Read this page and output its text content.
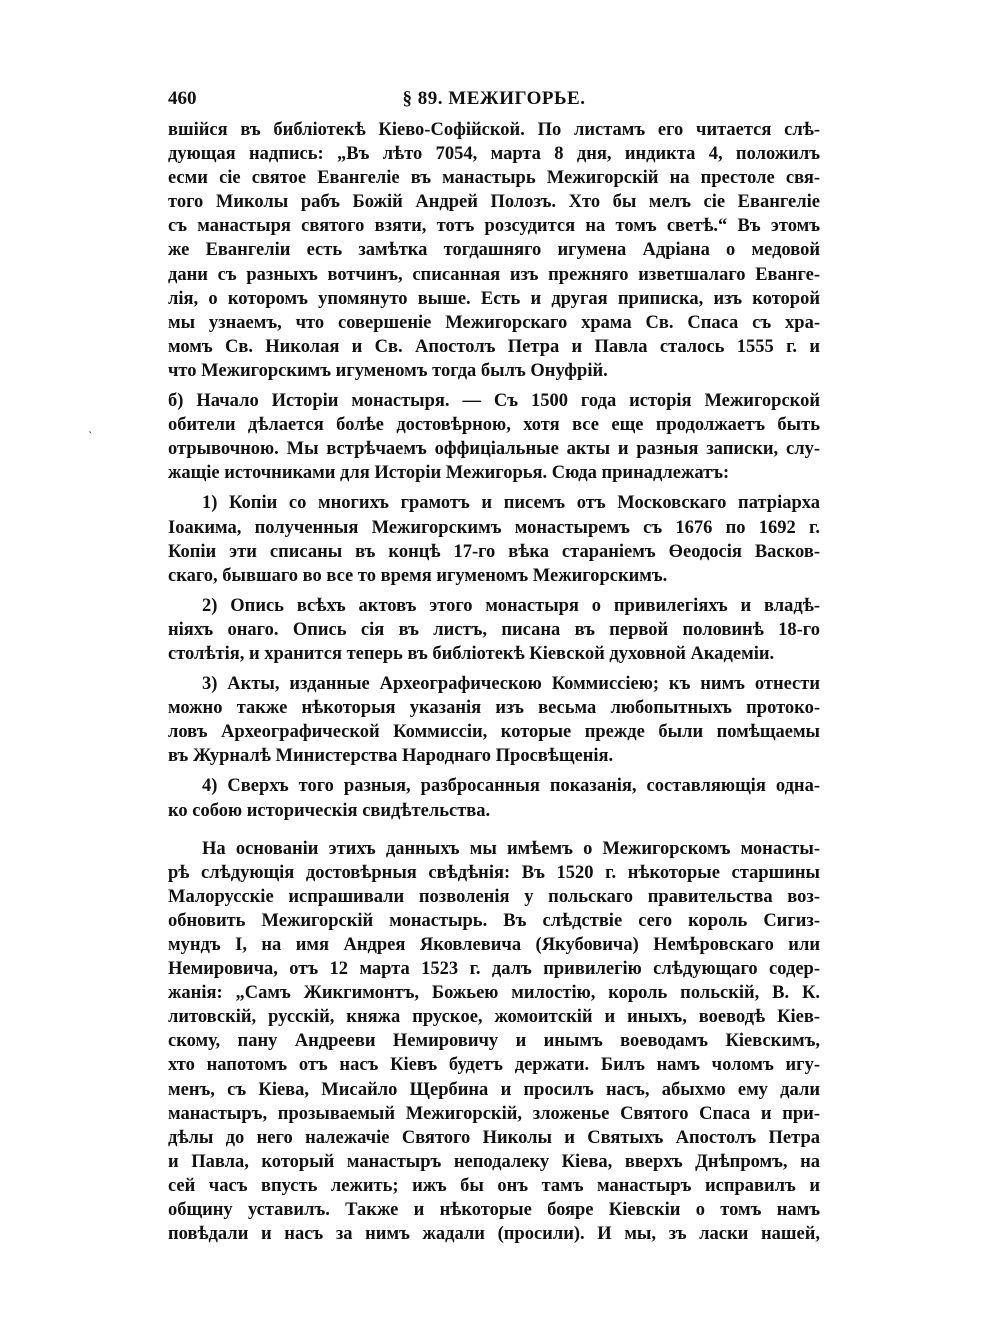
`
460	§ 89. МЕЖИГОРЬЕ.
вшійся въ библіотекѣ Кіево-Софійской. По листамъ его читается слѣ-
дующая надпись: „Въ лѣто 7054, марта 8 дня, индикта 4, положилъ
есми сіе святое Евангеліе въ манастырь Межигорскій на престоле свя-
того Миколы рабъ Божій Андрей Полозъ. Хто бы мелъ сіе Евангеліе
съ манастыря святого взяти, тотъ розсудится на томъ светѣ.“ Въ этомъ
же Евангеліи есть замѣтка тогдашняго игумена Адріана о медовой
дани съ разныхъ вотчинъ, списанная изъ прежняго изветшалаго Еванге-
лія, о которомъ упомянуто выше. Есть и другая приписка, изъ которой
мы узнаемъ, что совершеніе Межигорскаго храма Св. Спаса съ хра-
момъ Св. Николая и Св. Апостолъ Петра и Павла сталось 1555 г. и
что Межигорскимъ игуменомъ тогда былъ Онуфрій.
б) Начало Исторіи монастыря. — Съ 1500 года исторія Межигорской
обители дѣлается болѣе достовѣрною, хотя все еще продолжаетъ быть
отрывочною. Мы встрѣчаемъ оффиціальные акты и разныя записки, слу-
жащіе источниками для Исторіи Межигорья. Сюда принадлежатъ:
1) Копіи со многихъ грамотъ и писемъ отъ Московскаго патріарха
Іоакима, полученныя Межигорскимъ монастыремъ съ 1676 по 1692 г.
Копіи эти списаны въ концѣ 17-го вѣка стараніемъ Өеодосія Васков-
скаго, бывшаго во все то время игуменомъ Межигорскимъ.
2) Опись всѣхъ актовъ этого монастыря о привилегіяхъ и владѣ-
ніяхъ онаго. Опись сія въ листъ, писана въ первой половинѣ 18-го
столѣтія, и хранится теперь въ библіотекѣ Кіевской духовной Академіи.
3) Акты, изданные Археографическою Коммиссіею; къ нимъ отнести
можно также нѣкоторыя указанія изъ весьма любопытныхъ протоко-
ловъ Археографической Коммиссіи, которые прежде были помѣщаемы
въ Журналѣ Министерства Народнаго Просвѣщенія.
4) Сверхъ того разныя, разбросанныя показанія, составляющія одна-
ко собою историческія свидѣтельства.
На основаніи этихъ данныхъ мы имѣемъ о Межигорскомъ монасты-
рѣ слѣдующія достовѣрныя свѣдѣнія: Въ 1520 г. нѣкоторые старшины
Малорусскіе испрашивали позволенія у польскаго правительства воз-
обновить Межигорскій монастырь. Въ слѣдствіе сего король Сигиз-
мундъ I, на имя Андрея Яковлевича (Якубовича) Немѣровскаго или
Немировича, отъ 12 марта 1523 г. далъ привилегію слѣдующаго содер-
жанія: „Самъ Жикгимонтъ, Божьею милостію, король польскій, В. К.
литовскій, русскій, княжа прускoе, жомоитскій и иныхъ, воеводѣ Кіев-
скому, пану Андрееви Немировичу и инымъ воеводамъ Кіевскимъ,
хто напотомъ отъ насъ Кіевъ будетъ держати. Билъ намъ чоломъ игу-
менъ, съ Кіева, Мисайло Щербина и просилъ насъ, абыхмо ему дали
манастыръ, прозываемый Межигорскій, зложенье Святого Спаса и при-
дѣлы до него належачіе Святого Николы и Святыхъ Апостолъ Петра
и Павла, который манастыръ неподалеку Кіева, вверхъ Днѣпромъ, на
сей часъ впусть лежить; ижъ бы онъ тамъ манастыръ исправилъ и
общину уставилъ. Также и нѣкоторые бояре Кіевскіи о томъ намъ
повѣдали и насъ за нимъ жадали (просили). И мы, зъ ласки нашей,
